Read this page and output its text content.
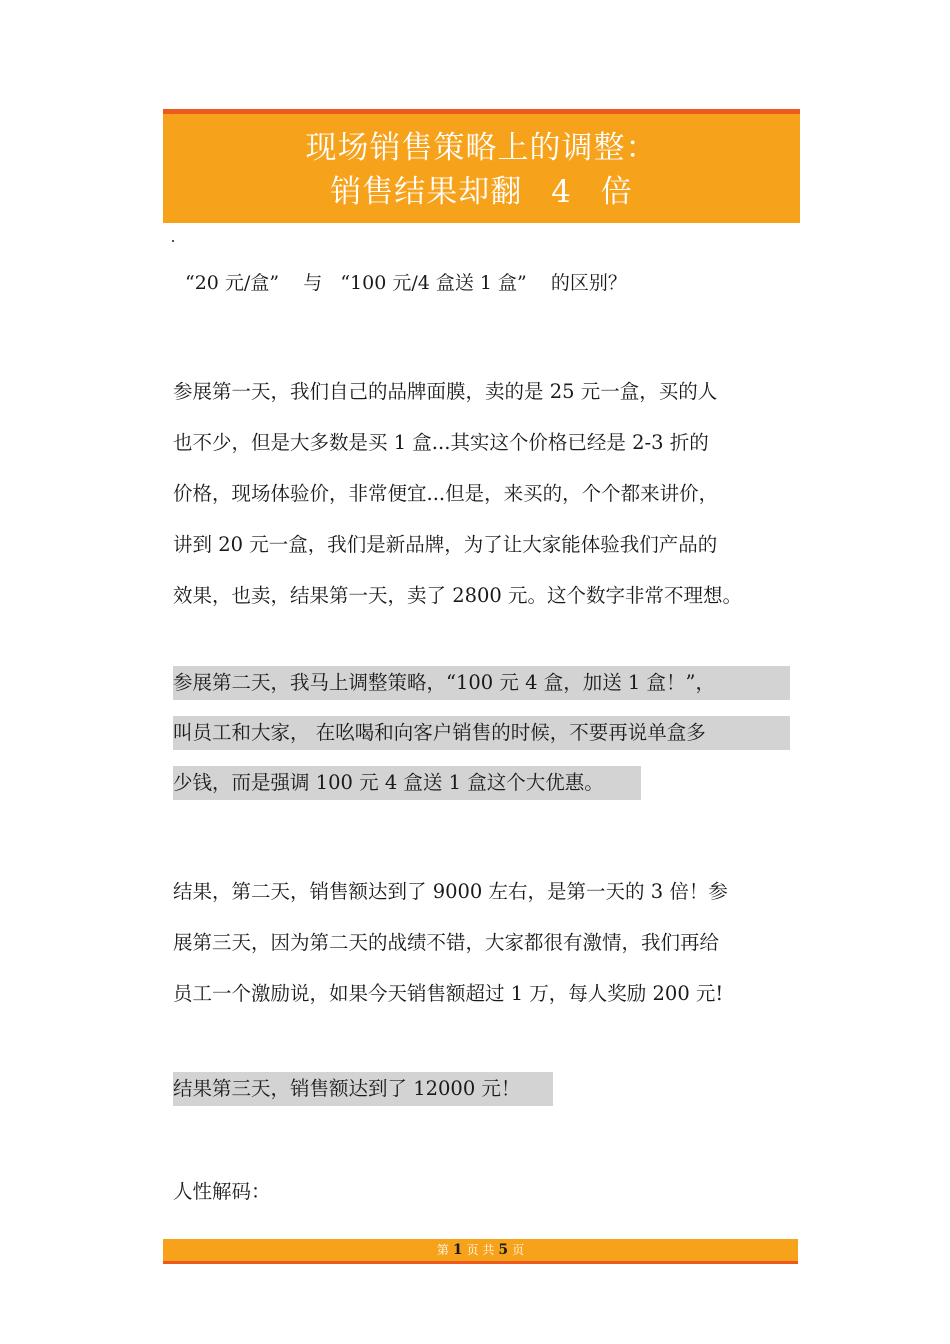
现场销售策略上的调整：
销售结果却翻 4 倍
“20 元/盒”    与   “100 元/4 盒送 1 盒”    的区别？
参展第一天，我们自己的品牌面膜，卖的是 25 元一盒，买的人
也不少，但是大多数是买 1 盒...其实这个价格已经是 2-3 折的
价格，现场体验价，非常便宜...但是，来买的，个个都来讲价，
讲到 20 元一盒，我们是新品牌，为了让大家能体验我们产品的
效果，也卖，结果第一天，卖了 2800 元。这个数字非常不理想。
参展第二天，我马上调整策略，“100 元 4 盒，加送 1 盒！”，
叫员工和大家， 在吆喝和向客户销售的时候，不要再说单盒多
少钱，而是强调 100 元 4 盒送 1 盒这个大优惠。
结果，第二天，销售额达到了 9000 左右，是第一天的 3 倍！参
展第三天，因为第二天的战绩不错，大家都很有激情，我们再给
员工一个激励说，如果今天销售额超过 1 万，每人奖励 200 元!
结果第三天，销售额达到了 12000 元！
人性解码：
第 1 页 共 5 页
